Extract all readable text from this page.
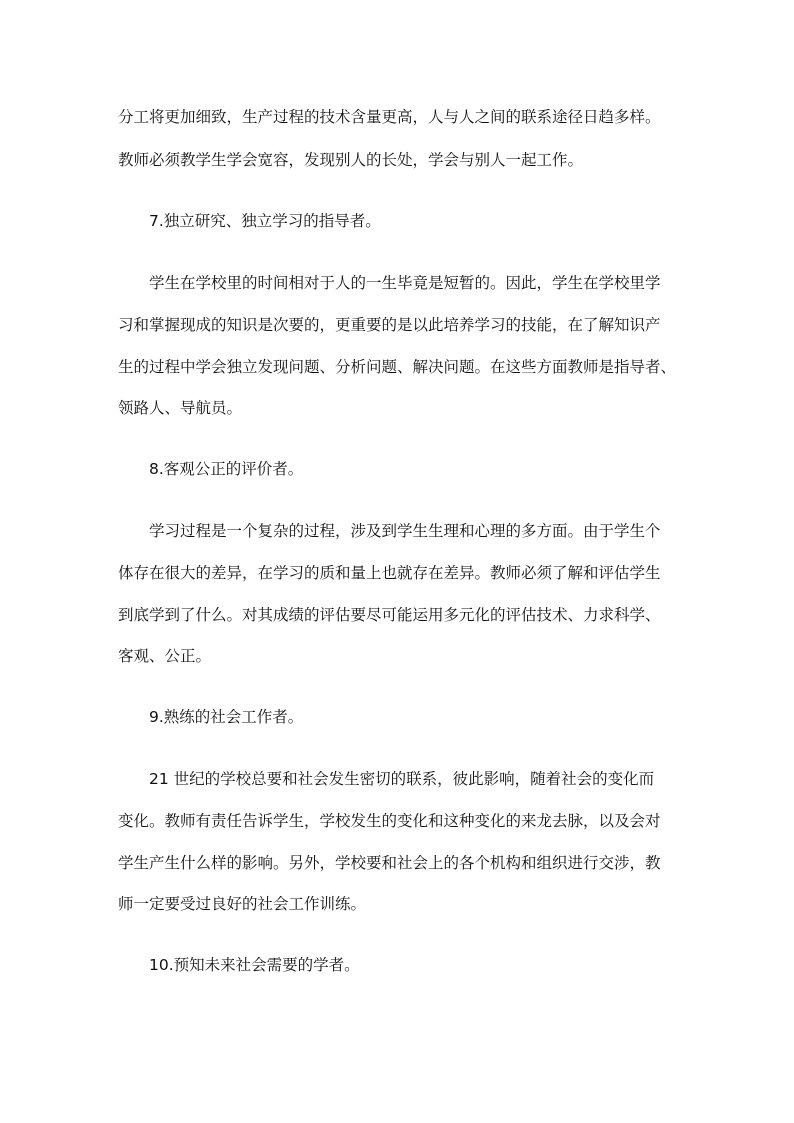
分工将更加细致，生产过程的技术含量更高，人与人之间的联系途径日趋多样。
教师必须教学生学会宽容，发现别人的长处，学会与别人一起工作。
7.独立研究、独立学习的指导者。
学生在学校里的时间相对于人的一生毕竟是短暂的。因此，学生在学校里学
习和掌握现成的知识是次要的，更重要的是以此培养学习的技能，在了解知识产
生的过程中学会独立发现问题、分析问题、解决问题。在这些方面教师是指导者、
领路人、导航员。
8.客观公正的评价者。
学习过程是一个复杂的过程，涉及到学生生理和心理的多方面。由于学生个
体存在很大的差异，在学习的质和量上也就存在差异。教师必须了解和评估学生
到底学到了什么。对其成绩的评估要尽可能运用多元化的评估技术、力求科学、
客观、公正。
9.熟练的社会工作者。
21 世纪的学校总要和社会发生密切的联系，彼此影响，随着社会的变化而
变化。教师有责任告诉学生，学校发生的变化和这种变化的来龙去脉，以及会对
学生产生什么样的影响。另外，学校要和社会上的各个机构和组织进行交涉，教
师一定要受过良好的社会工作训练。
10.预知未来社会需要的学者。
